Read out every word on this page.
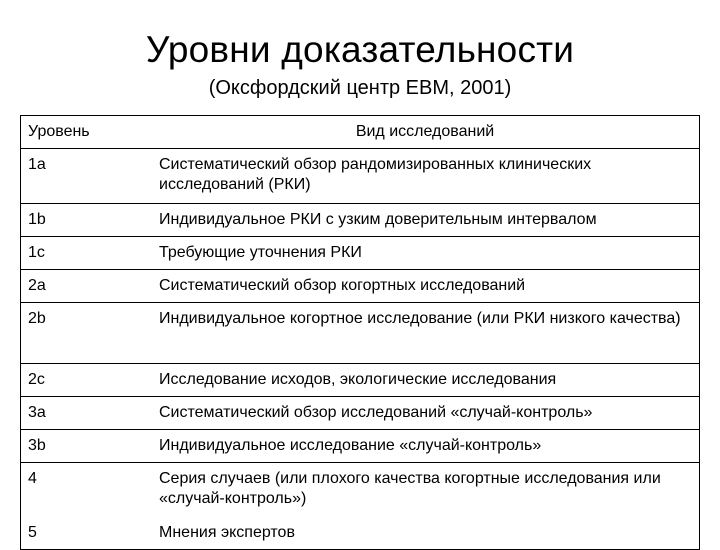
Уровни доказательности
(Оксфордский центр EBM, 2001)
Уровень	Вид исследований
1a	Систематический обзор рандомизированных клинических исследований (РКИ)
1b	Индивидуальное РКИ с узким доверительным интервалом
1c	Требующие уточнения РКИ
2a	Систематический обзор когортных исследований
2b	Индивидуальное когортное исследование (или РКИ низкого качества)
2c	Исследование исходов, экологические исследования
3a	Систематический обзор исследований «случай-контроль»
3b	Индивидуальное исследование «случай-контроль»
4	Серия случаев (или плохого качества когортные исследования или «случай-контроль»)
5	Мнения экспертов
